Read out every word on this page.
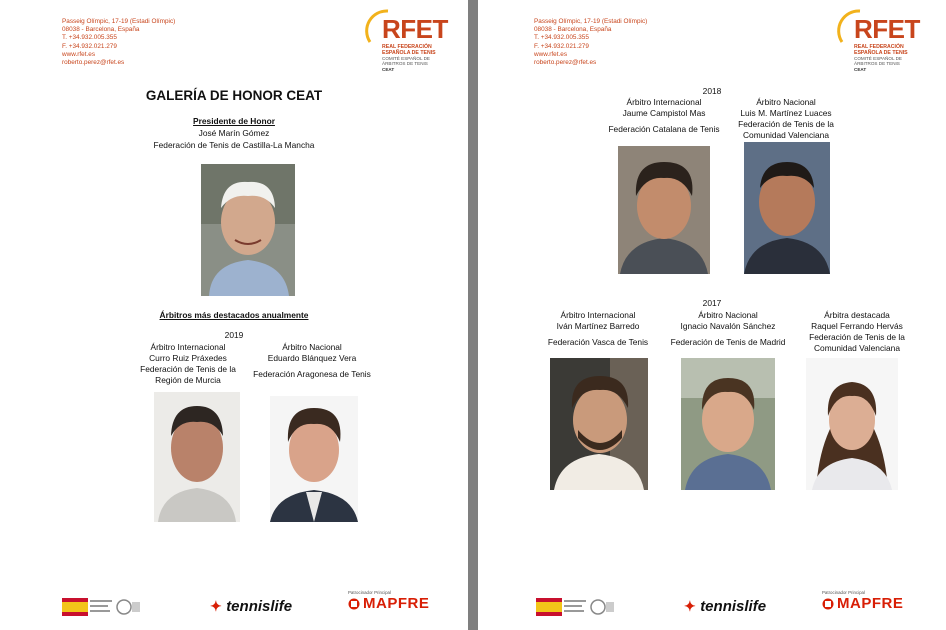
Passeig Olímpic, 17-19 (Estadi Olímpic)
08038 - Barcelona, España
T. +34.932.005.355
F. +34.932.021.279
www.rfet.es
roberto.perez@rfet.es
RFET
REAL FEDERACIÓN
ESPAÑOLA DE TENIS
COMITÉ ESPAÑOL DE
ÁRBITROS DE TENIS
CEAT
GALERÍA DE HONOR CEAT
Presidente de Honor
José Marín Gómez
Federación de Tenis de Castilla-La Mancha
Árbitros más destacados anualmente
2019
Árbitro Internacional
Curro Ruiz Práxedes
Federación de Tenis de la
Región de Murcia
Árbitro Nacional
Eduardo Blánquez Vera
Federación Aragonesa de Tenis
✦ tennislife
Patrocinador Principal
MAPFRE
Passeig Olímpic, 17-19 (Estadi Olímpic)
08038 - Barcelona, España
T. +34.932.005.355
F. +34.932.021.279
www.rfet.es
roberto.perez@rfet.es
RFET
REAL FEDERACIÓN
ESPAÑOLA DE TENIS
COMITÉ ESPAÑOL DE
ÁRBITROS DE TENIS
CEAT
2018
Árbitro Internacional
Jaume Campistol Mas
Federación Catalana de Tenis
Árbitro Nacional
Luis M. Martínez Luaces
Federación de Tenis de la
Comunidad Valenciana
2017
Árbitro Internacional
Iván Martínez Barredo
Federación Vasca de Tenis
Árbitro Nacional
Ignacio Navalón Sánchez
Federación de Tenis de Madrid
Árbitra destacada
Raquel Ferrando Hervás
Federación de Tenis de la
Comunidad Valenciana
✦ tennislife
Patrocinador Principal
MAPFRE
